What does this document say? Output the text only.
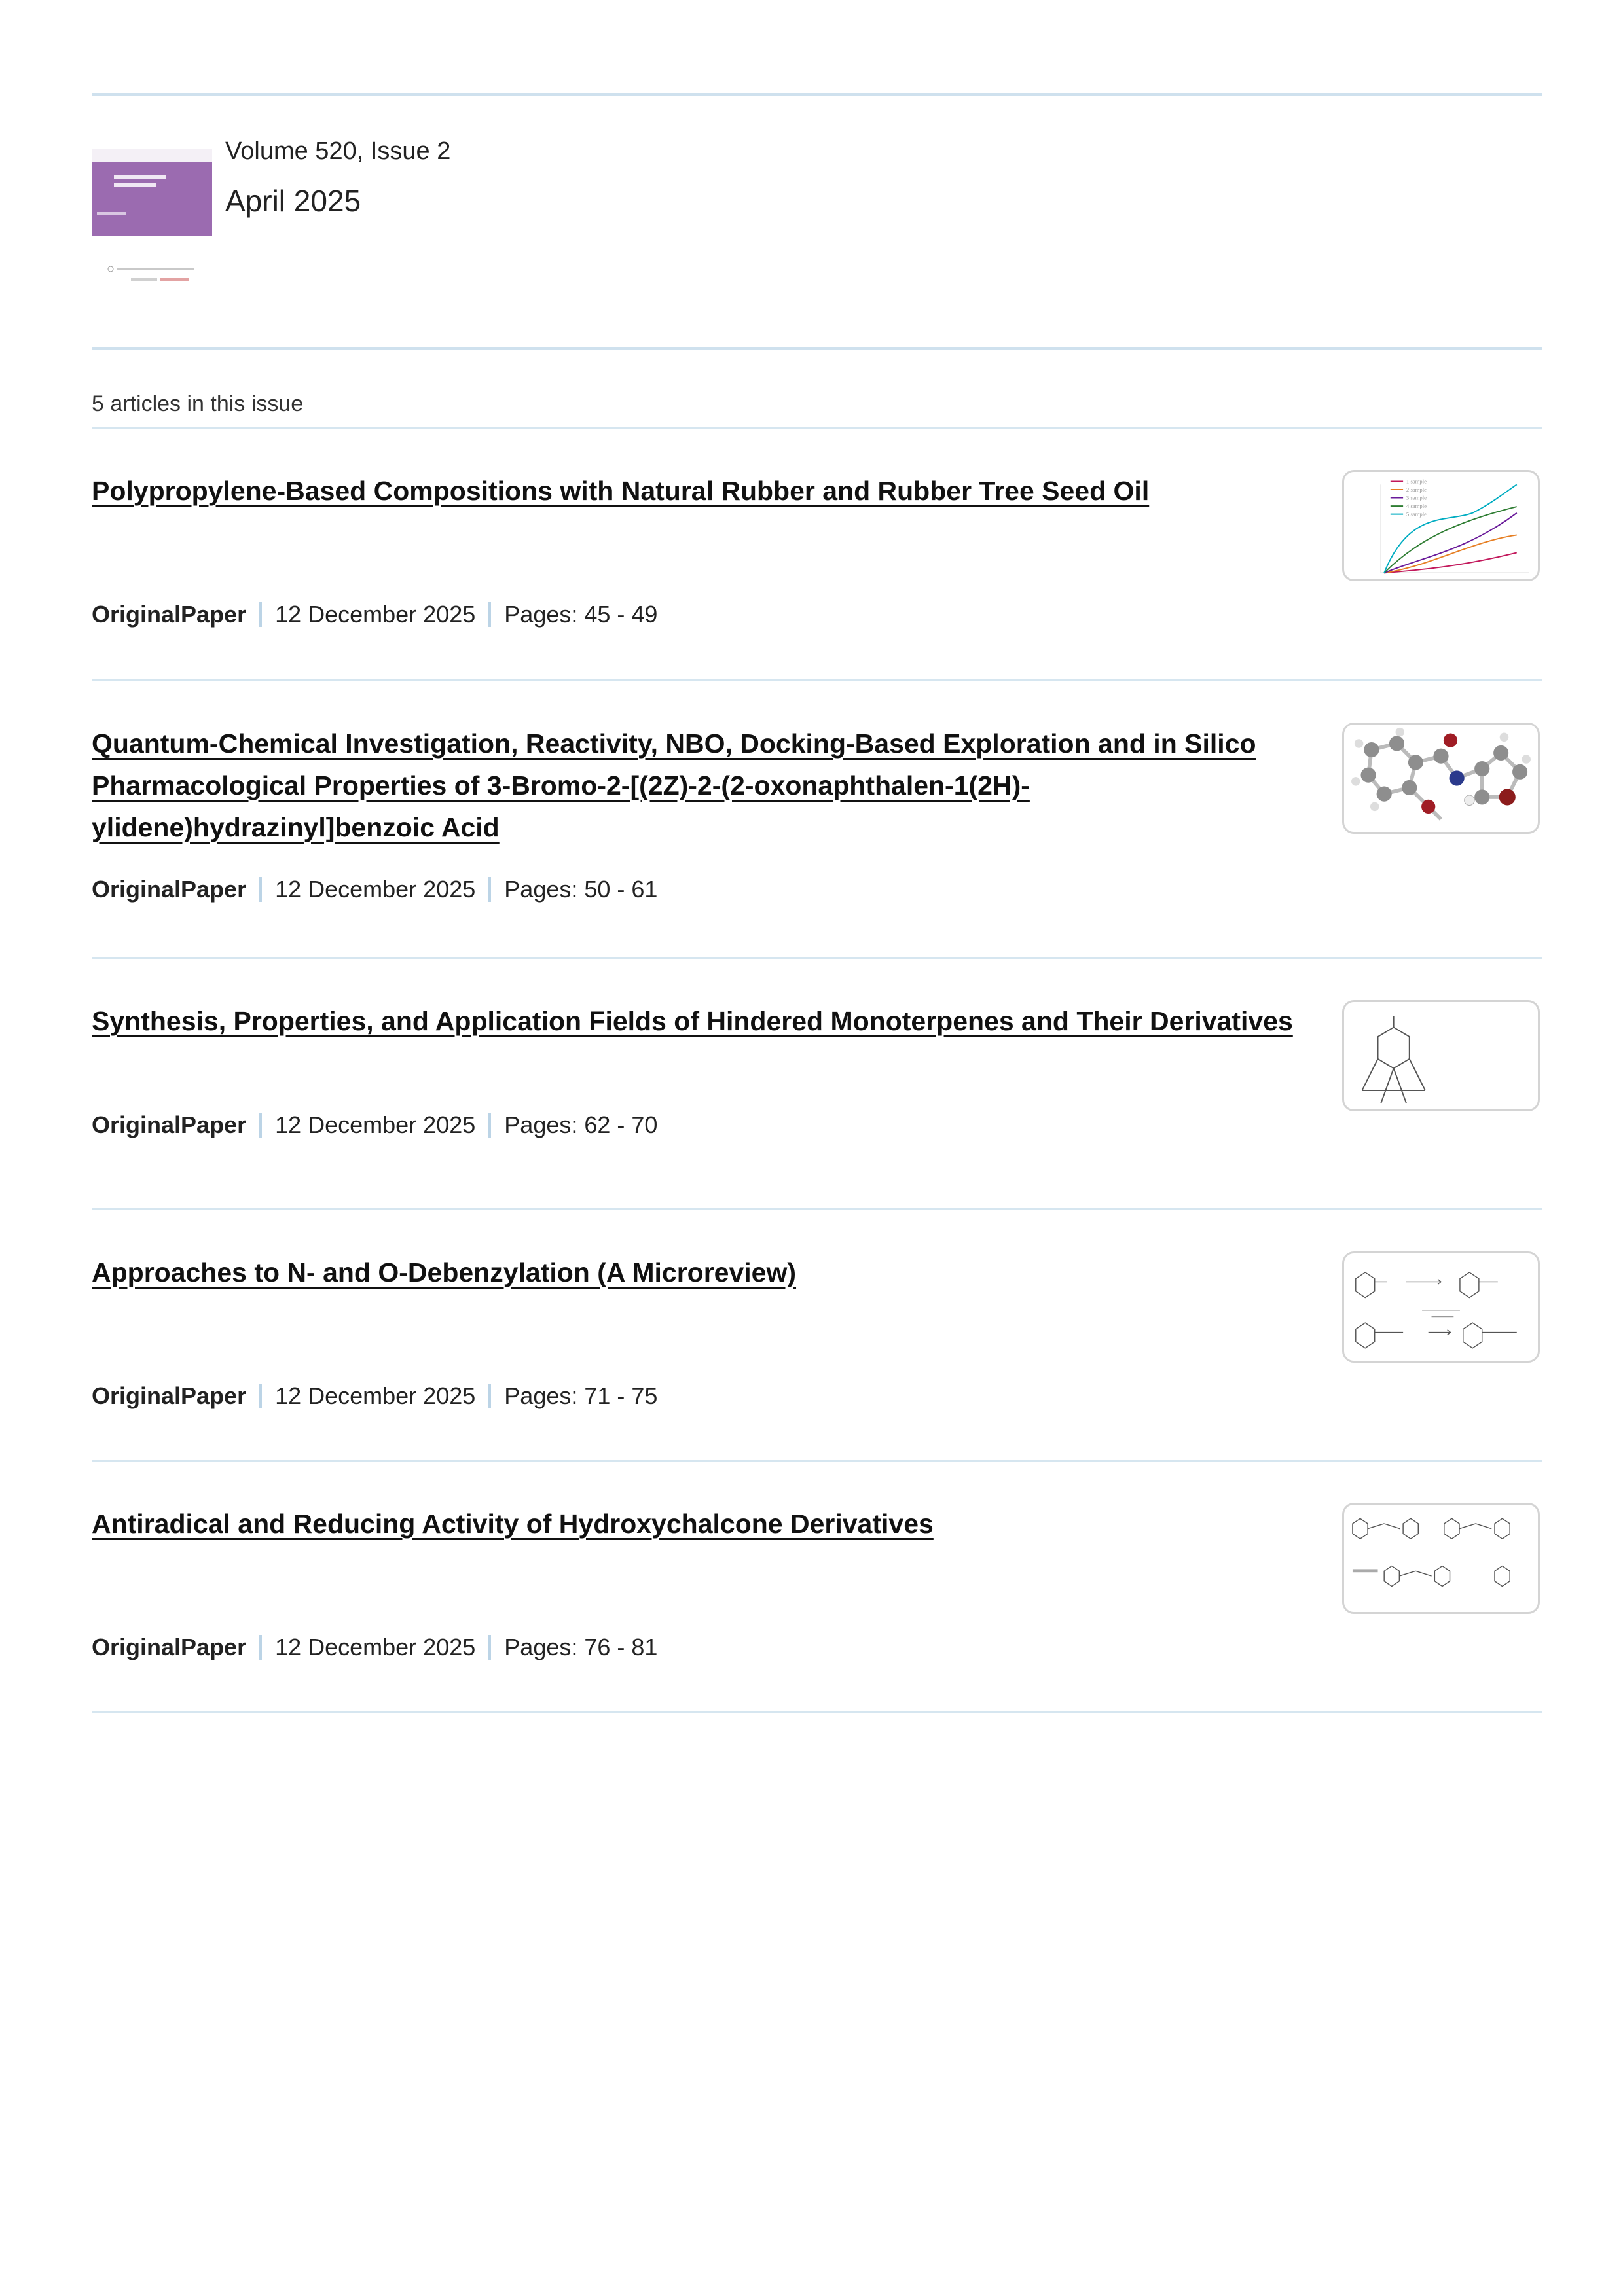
Volume 520, Issue 2
April 2025
5 articles in this issue
Polypropylene-Based Compositions with Natural Rubber and Rubber Tree Seed Oil
OriginalPaper 12 December 2025 Pages: 45 - 49
1 sample
2 sample
3 sample
4 sample
5 sample
Quantum-Chemical Investigation, Reactivity, NBO, Docking-Based Exploration and in Silico Pharmacological Properties of 3-Bromo-2-[(2Z)-2-(2-oxonaphthalen-1(2H)-ylidene)hydrazinyl]benzoic Acid
OriginalPaper 12 December 2025 Pages: 50 - 61
Synthesis, Properties, and Application Fields of Hindered Monoterpenes and Their Derivatives
OriginalPaper 12 December 2025 Pages: 62 - 70
Approaches to N- and O-Debenzylation (A Microreview)
OriginalPaper 12 December 2025 Pages: 71 - 75
Antiradical and Reducing Activity of Hydroxychalcone Derivatives
OriginalPaper 12 December 2025 Pages: 76 - 81
